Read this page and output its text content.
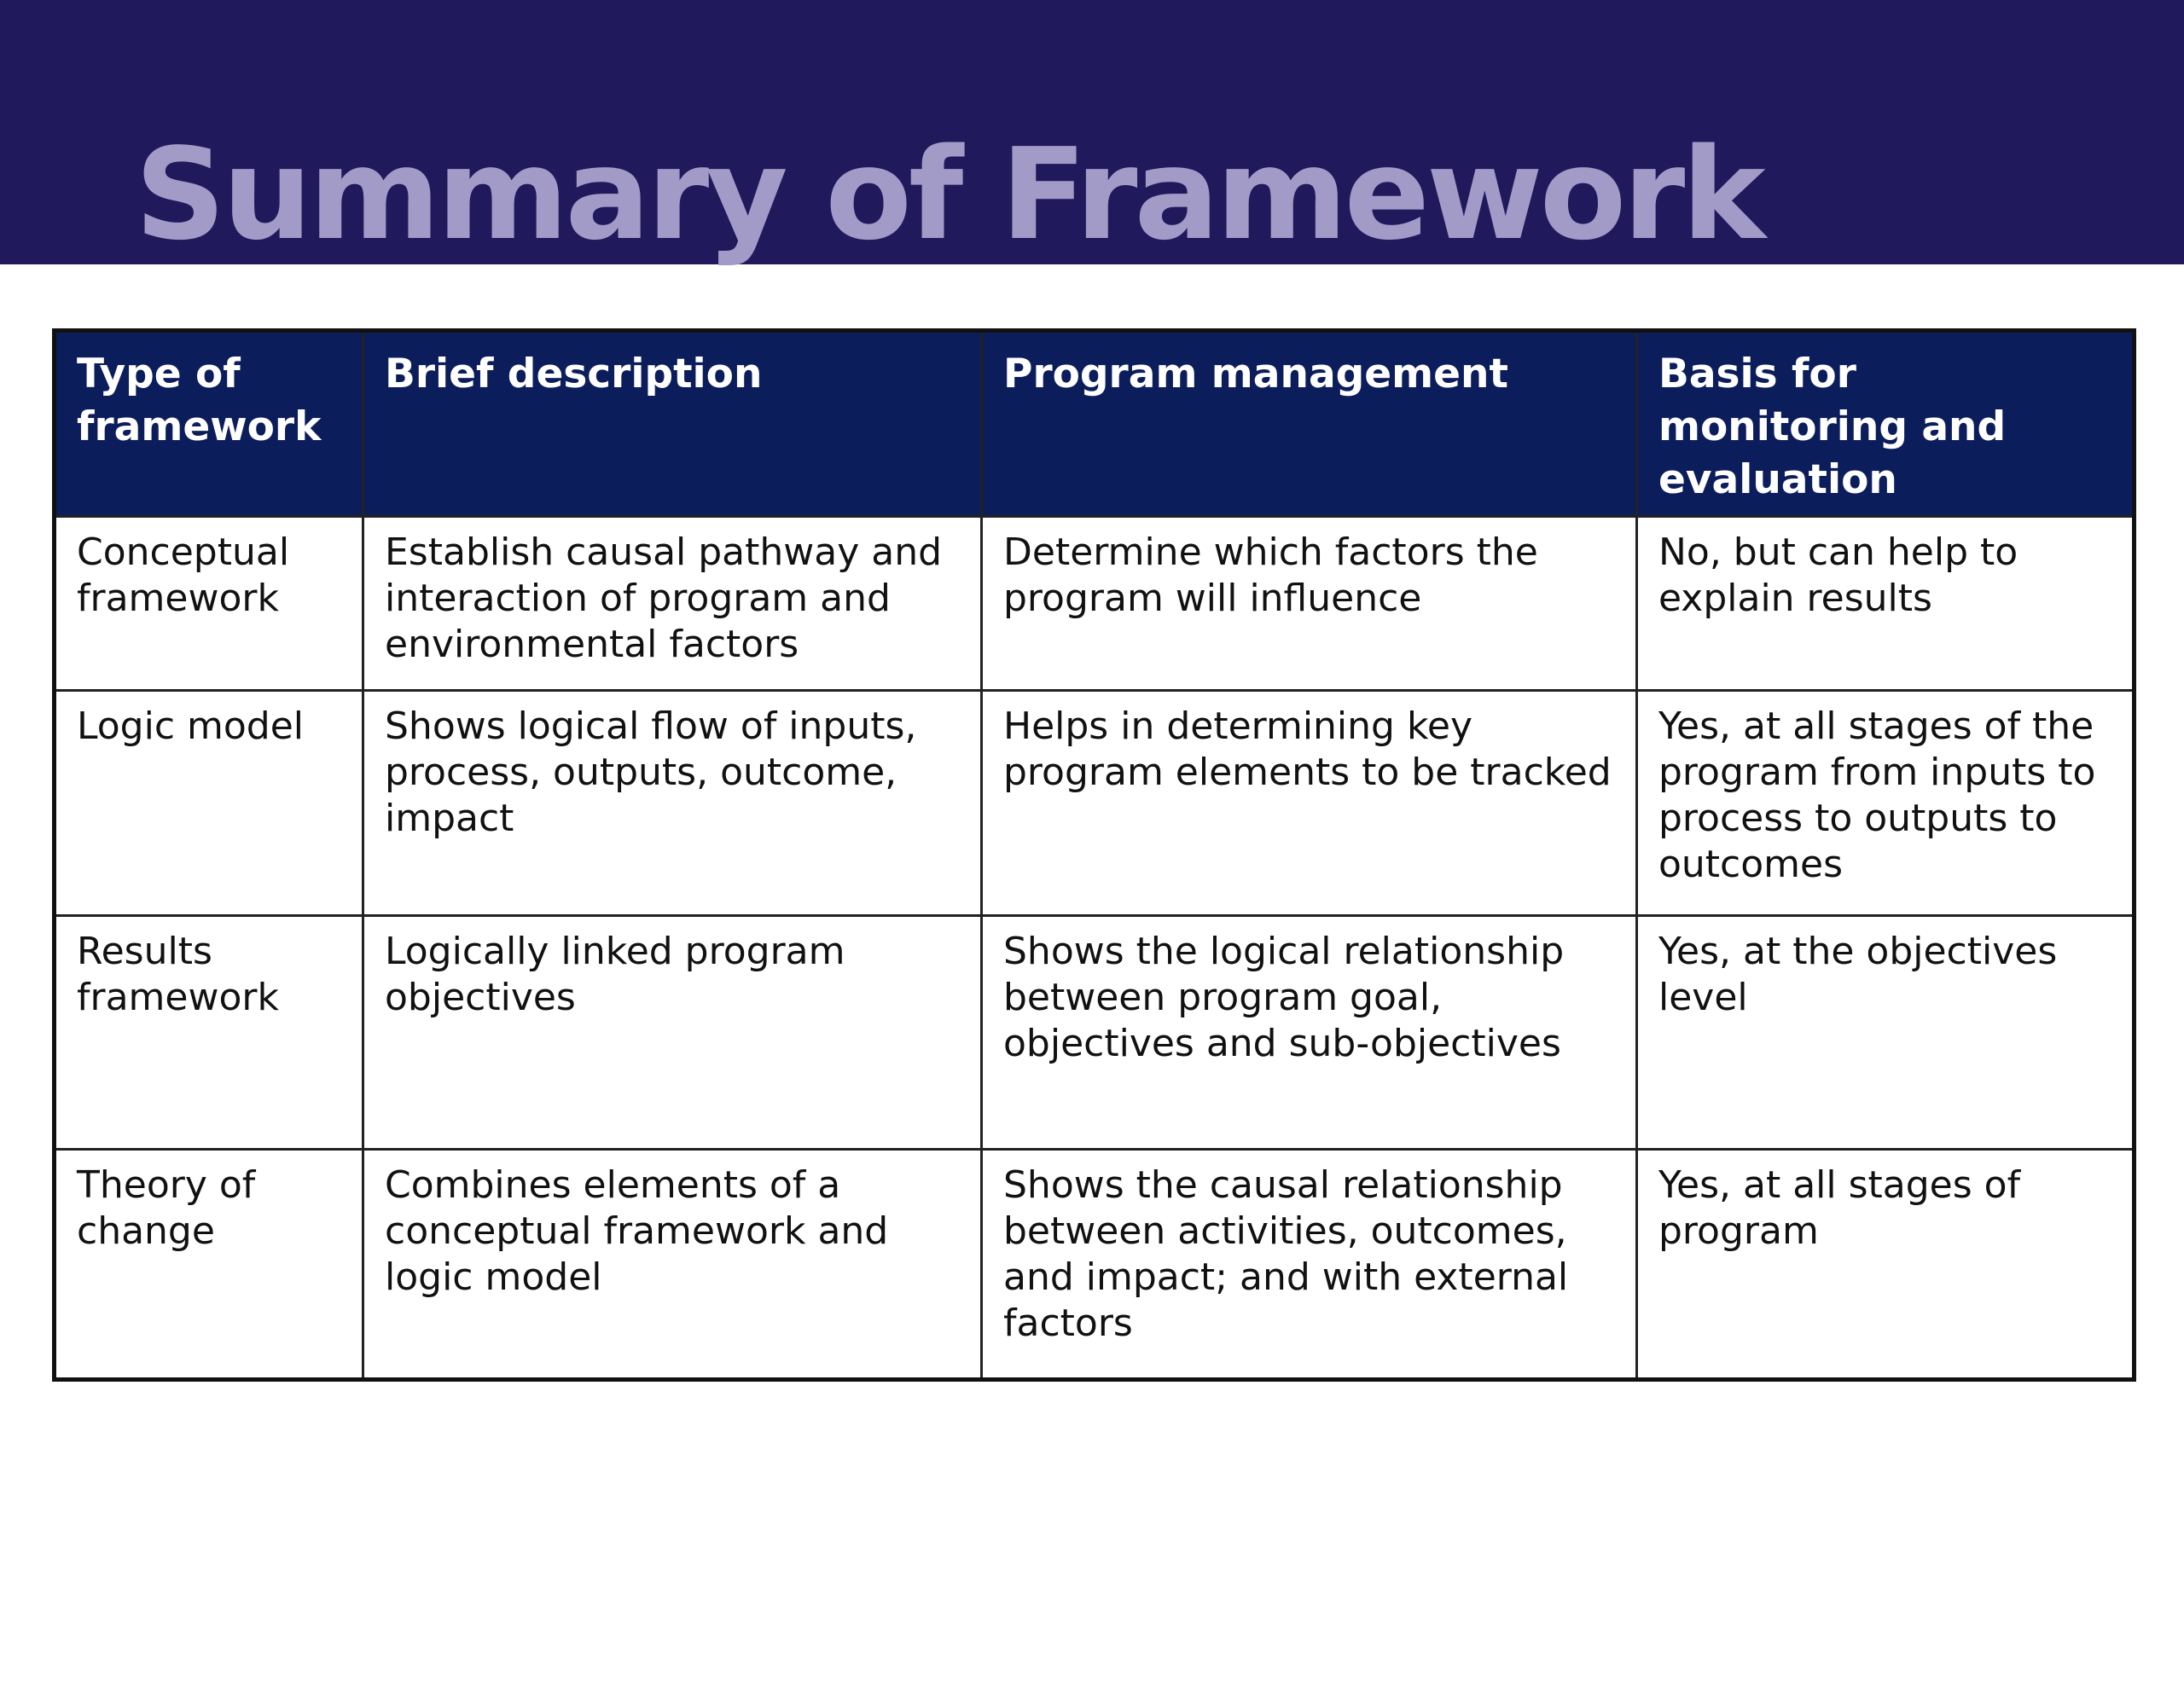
Summary of Framework
Type of framework	Brief description	Program management	Basis for monitoring and evaluation
Conceptual framework	Establish causal pathway and interaction of program and environmental factors	Determine which factors the program will influence	No, but can help to explain results
Logic model	Shows logical flow of inputs, process, outputs, outcome, impact	Helps in determining key program elements to be tracked	Yes, at all stages of the program from inputs to process to outputs to outcomes
Results framework	Logically linked program objectives	Shows the logical relationship between program goal, objectives and sub-objectives	Yes, at the objectives level
Theory of change	Combines elements of a conceptual framework and logic model	Shows the causal relationship between activities, outcomes, and impact; and with external factors	Yes, at all stages of program
